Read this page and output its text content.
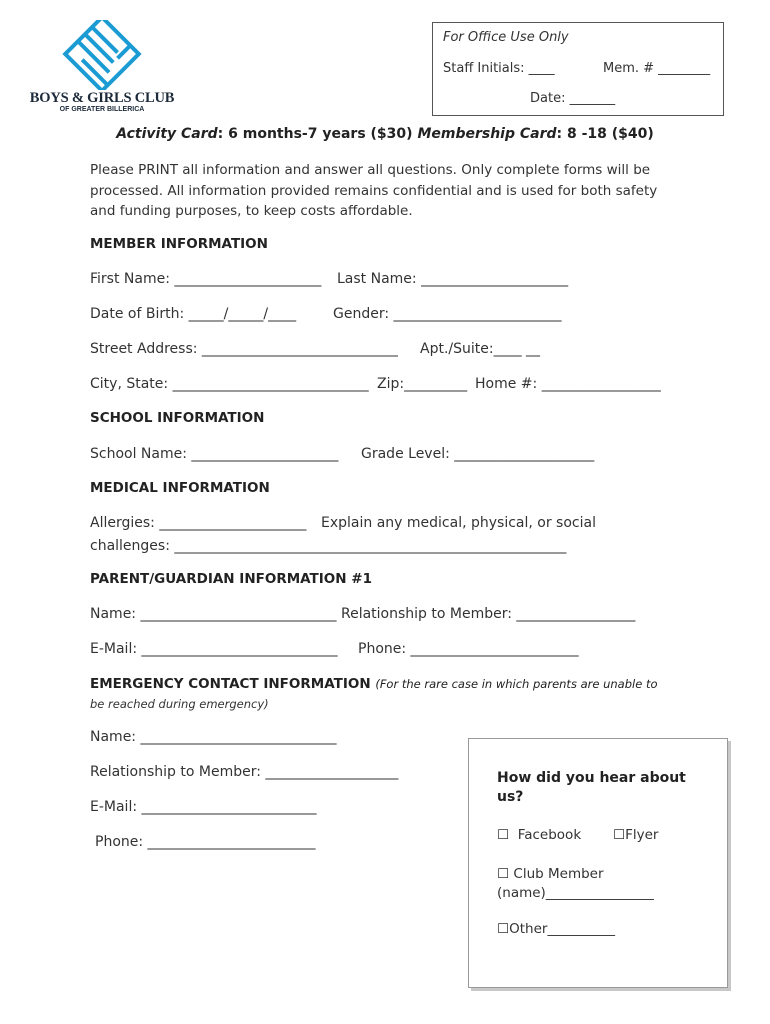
BOYS & GIRLS CLUB
OF GREATER BILLERICA
For Office Use Only
Staff Initials: ____	Mem. # ________
Date: _______
Activity Card: 6 months-7 years ($30) Membership Card: 8 -18 ($40)
Please PRINT all information and answer all questions. Only complete forms will be processed. All information provided remains confidential and is used for both safety and funding purposes, to keep costs affordable.
MEMBER INFORMATION
First Name: _____________________ Last Name: _____________________
Date of Birth: _____/_____/____	Gender: ________________________
Street Address: ____________________________ Apt./Suite:____ __
City, State: ____________________________ Zip:_________ Home #: _________________
SCHOOL INFORMATION
School Name: _____________________ Grade Level: ____________________
MEDICAL INFORMATION
Allergies: _____________________ Explain any medical, physical, or social
challenges: ________________________________________________________
PARENT/GUARDIAN INFORMATION #1
Name: ____________________________ Relationship to Member: _________________
E-Mail: ____________________________ Phone: ________________________
EMERGENCY CONTACT INFORMATION (For the rare case in which parents are unable to
be reached during emergency)
Name: ____________________________
Relationship to Member: ___________________
E-Mail: _________________________
Phone: ________________________
How did you hear about us?
☐ Facebook ☐Flyer
☐ Club Member
(name)________________
☐Other__________
